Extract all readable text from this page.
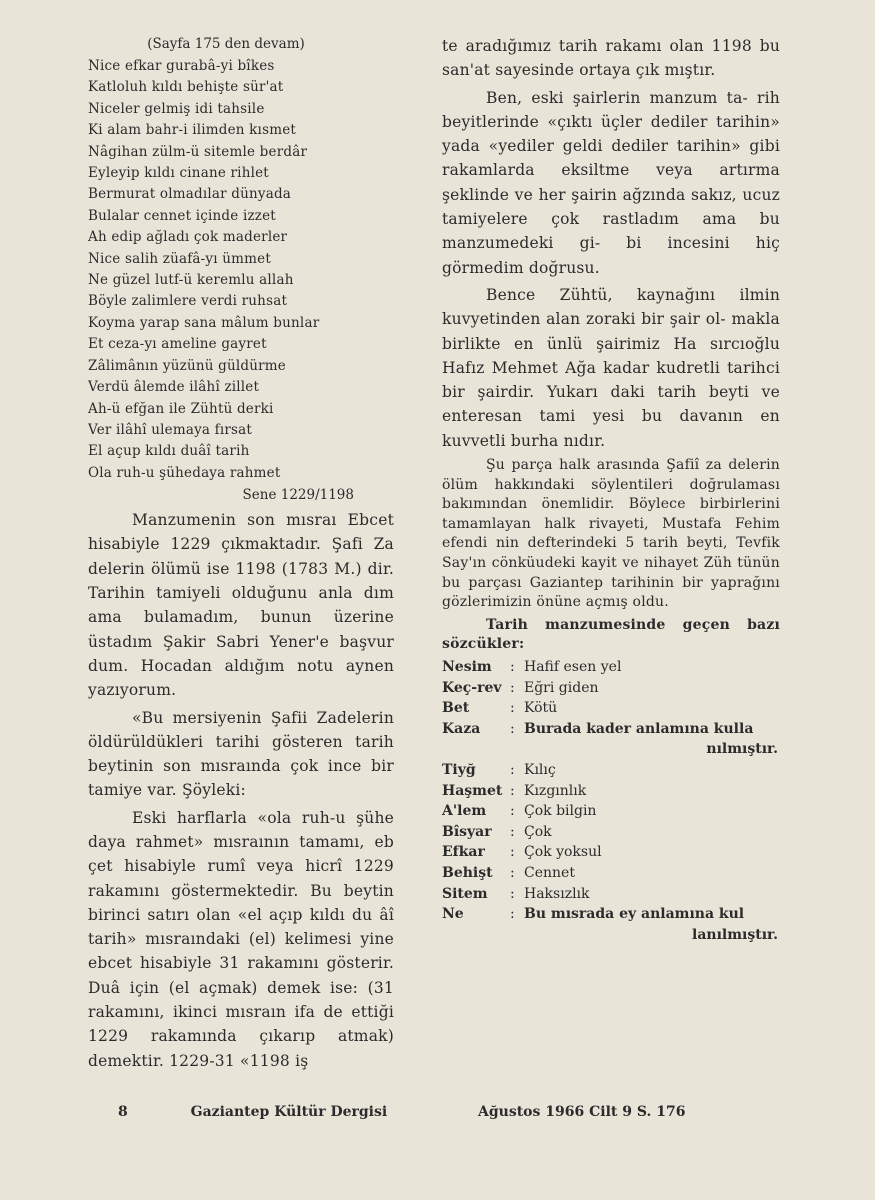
(Sayfa 175 den devam)
Nice efkar gurabâ-yi bîkes
Katloluh kıldı behişte sür'at
Niceler gelmiş idi tahsile
Ki alam bahr-i ilimden kısmet
Nâgihan zülm-ü sitemle berdâr
Eyleyip kıldı cinane rihlet
Bermurat olmadılar dünyada
Bulalar cennet içinde izzet
Ah edip ağladı çok maderler
Nice salih züafâ-yı ümmet
Ne güzel lutf-ü keremlu allah
Böyle zalimlere verdi ruhsat
Koyma yarap sana mâlum bunlar
Et ceza-yı ameline gayret
Zâlimânın yüzünü güldürme
Verdü âlemde ilâhî zillet
Ah-ü efğan ile Zühtü derki
Ver ilâhî ulemaya fırsat
El açup kıldı duâî tarih
Ola ruh-u şühedaya rahmet
Sene 1229/1198

Manzumenin son mısraı Ebcet hisabiyle 1229 çıkmaktadır. Şafi Za delerin ölümü ise 1198 (1783 M.) dir. Tarihin tamiyeli olduğunu anla dım ama bulamadım, bunun üzerine üstadım Şakir Sabri Yener'e başvur dum. Hocadan aldığım notu aynen yazıyorum.

«Bu mersiyenin Şafii Zadelerin öldürüldükleri tarihi gösteren tarih beytinin son mısraında çok ince bir tamiye var. Şöyleki:

Eski harflarla «ola ruh-u şühe daya rahmet» mısraının tamamı, eb çet hisabiyle rumî veya hicrî 1229 rakamını göstermektedir. Bu beytin birinci satırı olan «el açıp kıldı du âî tarih» mısraındaki (el) kelimesi yine ebcet hisabiyle 31 rakamını gösterir. Duâ için (el açmak) demek ise: (31 rakamını, ikinci mısraın ifa de ettiği 1229 rakamında çıkarıp atmak) demektir. 1229-31 «1198 iş

te aradığımız tarih rakamı olan 1198 bu san'at sayesinde ortaya çık mıştır.

Ben, eski şairlerin manzum ta- rih beyitlerinde «çıktı üçler dediler tarihin» yada «yediler geldi dediler tarihin» gibi rakamlarda eksiltme veya artırma şeklinde ve her şairin ağzında sakız, ucuz tamiyelere çok rastladım ama bu manzumedeki gi- bi incesini hiç görmedim doğrusu.

Bence Zühtü, kaynağını ilmin kuvyetinden alan zoraki bir şair ol- makla birlikte en ünlü şairimiz Ha sırcıoğlu Hafız Mehmet Ağa kadar kudretli tarihci bir şairdir. Yukarı daki tarih beyti ve enteresan tami yesi bu davanın en kuvvetli burha nıdır.

Şu parça halk arasında Şafiî za delerin ölüm hakkındaki söylentileri doğrulaması bakımından önemlidir. Böylece birbirlerini tamamlayan halk rivayeti, Mustafa Fehim efendi nin defterindeki 5 tarih beyti, Tevfik Say'ın cönküudeki kayit ve nihayet Züh tünün bu parçası Gaziantep tarihinin bir yaprağını gözlerimizin önüne açmış oldu.

Tarih manzumesinde geçen bazı sözcükler:

Nesim	: Hafif esen yel
Keç-rev : Eğri giden
Bet	: Kötü
Kaza	: Burada kader anlamına kulla
nılmıştır.
Tiyğ	: Kılıç
Haşmet : Kızgınlık
A'lem	: Çok bilgin
Bîsyar	: Çok
Efkar	: Çok yoksul
Behişt	: Cennet
Sitem	: Haksızlık
Ne	: Bu mısrada ey anlamına kul
lanılmıştır.
8	Gaziantep Kültür Dergisi	Ağustos 1966 Cilt 9 S. 176
